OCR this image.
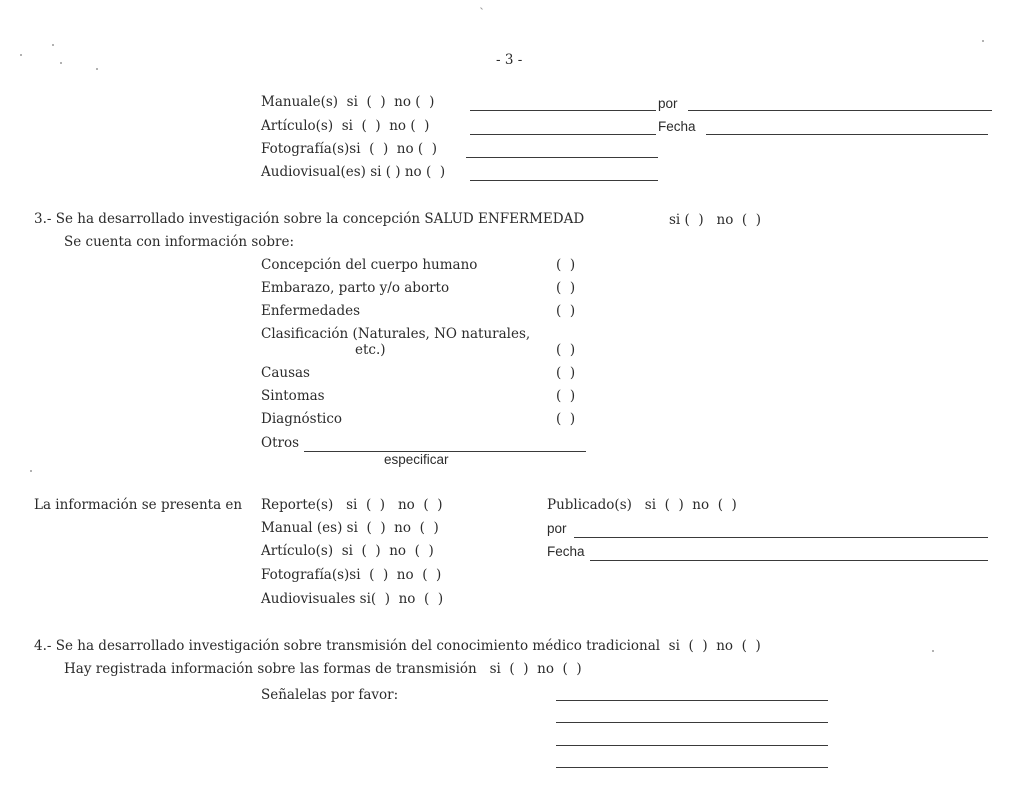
- 3 -
Manuale(s)  si  (  )  no (  )	por
Artículo(s)  si  (  )  no (  )	Fecha
Fotografía(s)si  (  )  no (  )
Audiovisual(es) si ( ) no (  )
3.- Se ha desarrollado investigación sobre la concepción SALUD ENFERMEDAD	si (  )   no  (  )
Se cuenta con información sobre:
Concepción del cuerpo humano	(  )
Embarazo, parto y/o aborto	(  )
Enfermedades	(  )
Clasificación (Naturales, NO naturales,
etc.)	(  )
Causas	(  )
Sintomas	(  )
Diagnóstico	(  )
Otros
especificar
La información se presenta en Reporte(s)   si  (  )   no  (  )	Publicado(s)   si  (  )  no  (  )
Manual (es) si  (  )  no  (  )	por
Artículo(s)  si  (  )  no  (  )	Fecha
Fotografía(s)si  (  )  no  (  )
Audiovisuales si(  )  no  (  )
4.- Se ha desarrollado investigación sobre transmisión del conocimiento médico tradicional  si  (  )  no  (  )
Hay registrada información sobre las formas de transmisión   si  (  )  no  (  )
Señalelas por favor:
